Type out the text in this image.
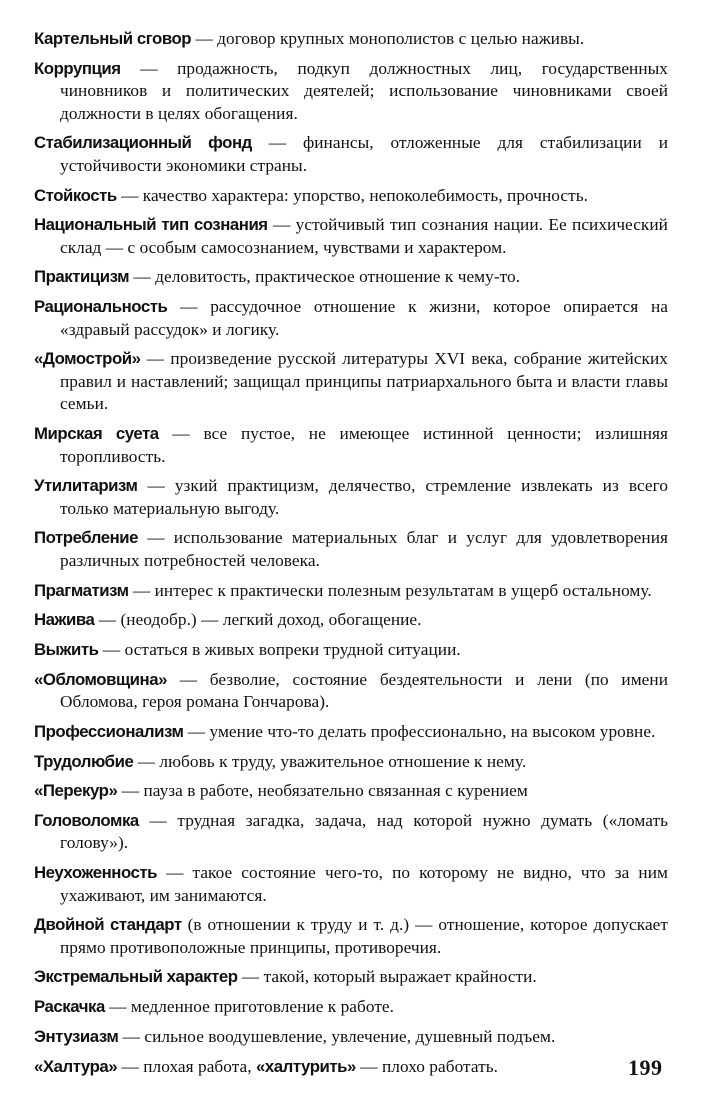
Картельный сговор — договор крупных монополистов с целью наживы.
Коррупция — продажность, подкуп должностных лиц, государственных чиновников и политических деятелей; использование чиновниками своей должности в целях обогащения.
Стабилизационный фонд — финансы, отложенные для стабилизации и устойчивости экономики страны.
Стойкость — качество характера: упорство, непоколебимость, прочность.
Национальный тип сознания — устойчивый тип сознания нации. Ее психический склад — с особым самосознанием, чувствами и характером.
Практицизм — деловитость, практическое отношение к чему-то.
Рациональность — рассудочное отношение к жизни, которое опирается на «здравый рассудок» и логику.
«Домострой» — произведение русской литературы XVI века, собрание житейских правил и наставлений; защищал принципы патриархального быта и власти главы семьи.
Мирская суета — все пустое, не имеющее истинной ценности; излишняя торопливость.
Утилитаризм — узкий практицизм, делячество, стремление извлекать из всего только материальную выгоду.
Потребление — использование материальных благ и услуг для удовлетворения различных потребностей человека.
Прагматизм — интерес к практически полезным результатам в ущерб остальному.
Нажива — (неодобр.) — легкий доход, обогащение.
Выжить — остаться в живых вопреки трудной ситуации.
«Обломовщина» — безволие, состояние бездеятельности и лени (по имени Обломова, героя романа Гончарова).
Профессионализм — умение что-то делать профессионально, на высоком уровне.
Трудолюбие — любовь к труду, уважительное отношение к нему.
«Перекур» — пауза в работе, необязательно связанная с курением
Головоломка — трудная загадка, задача, над которой нужно думать («ломать голову»).
Неухоженность — такое состояние чего-то, по которому не видно, что за ним ухаживают, им занимаются.
Двойной стандарт (в отношении к труду и т. д.) — отношение, которое допускает прямо противоположные принципы, противоречия.
Экстремальный характер — такой, который выражает крайности.
Раскачка — медленное приготовление к работе.
Энтузиазм — сильное воодушевление, увлечение, душевный подъем.
«Халтура» — плохая работа, «халтурить» — плохо работать.	199
